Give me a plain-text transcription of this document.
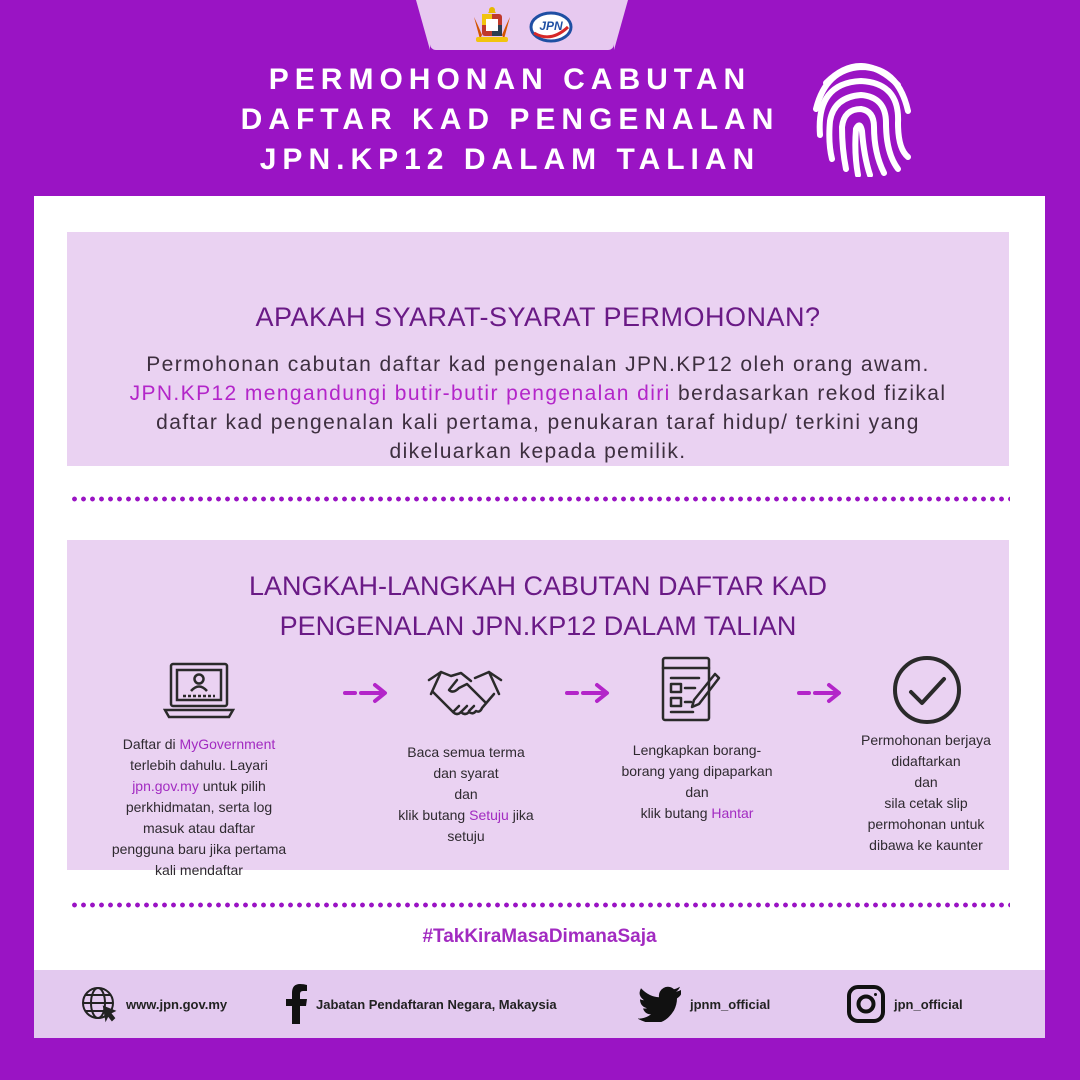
JPN
PERMOHONAN CABUTAN
DAFTAR KAD PENGENALAN
JPN.KP12 DALAM TALIAN
APAKAH SYARAT-SYARAT PERMOHONAN?

Permohonan cabutan daftar kad pengenalan JPN.KP12 oleh orang awam. JPN.KP12 mengandungi butir-butir pengenalan diri berdasarkan rekod fizikal daftar kad pengenalan kali pertama, penukaran taraf hidup/ terkini yang dikeluarkan kepada pemilik.

LANGKAH-LANGKAH CABUTAN DAFTAR KAD
PENGENALAN JPN.KP12 DALAM TALIAN
Daftar di MyGovernment
terlebih dahulu. Layari jpn.gov.my untuk pilih perkhidmatan, serta log masuk atau daftar pengguna baru jika pertama kali mendaftar
Baca semua terma dan syarat
dan
klik butang Setuju jika setuju
Lengkapkan borang-borang yang dipaparkan
dan
klik butang Hantar
Permohonan berjaya didaftarkan
dan
sila cetak slip permohonan untuk dibawa ke kaunter
#TakKiraMasaDimanaSaja
www.jpn.gov.my	Jabatan Pendaftaran Negara, Makaysia	jpnm_official	jpn_official
